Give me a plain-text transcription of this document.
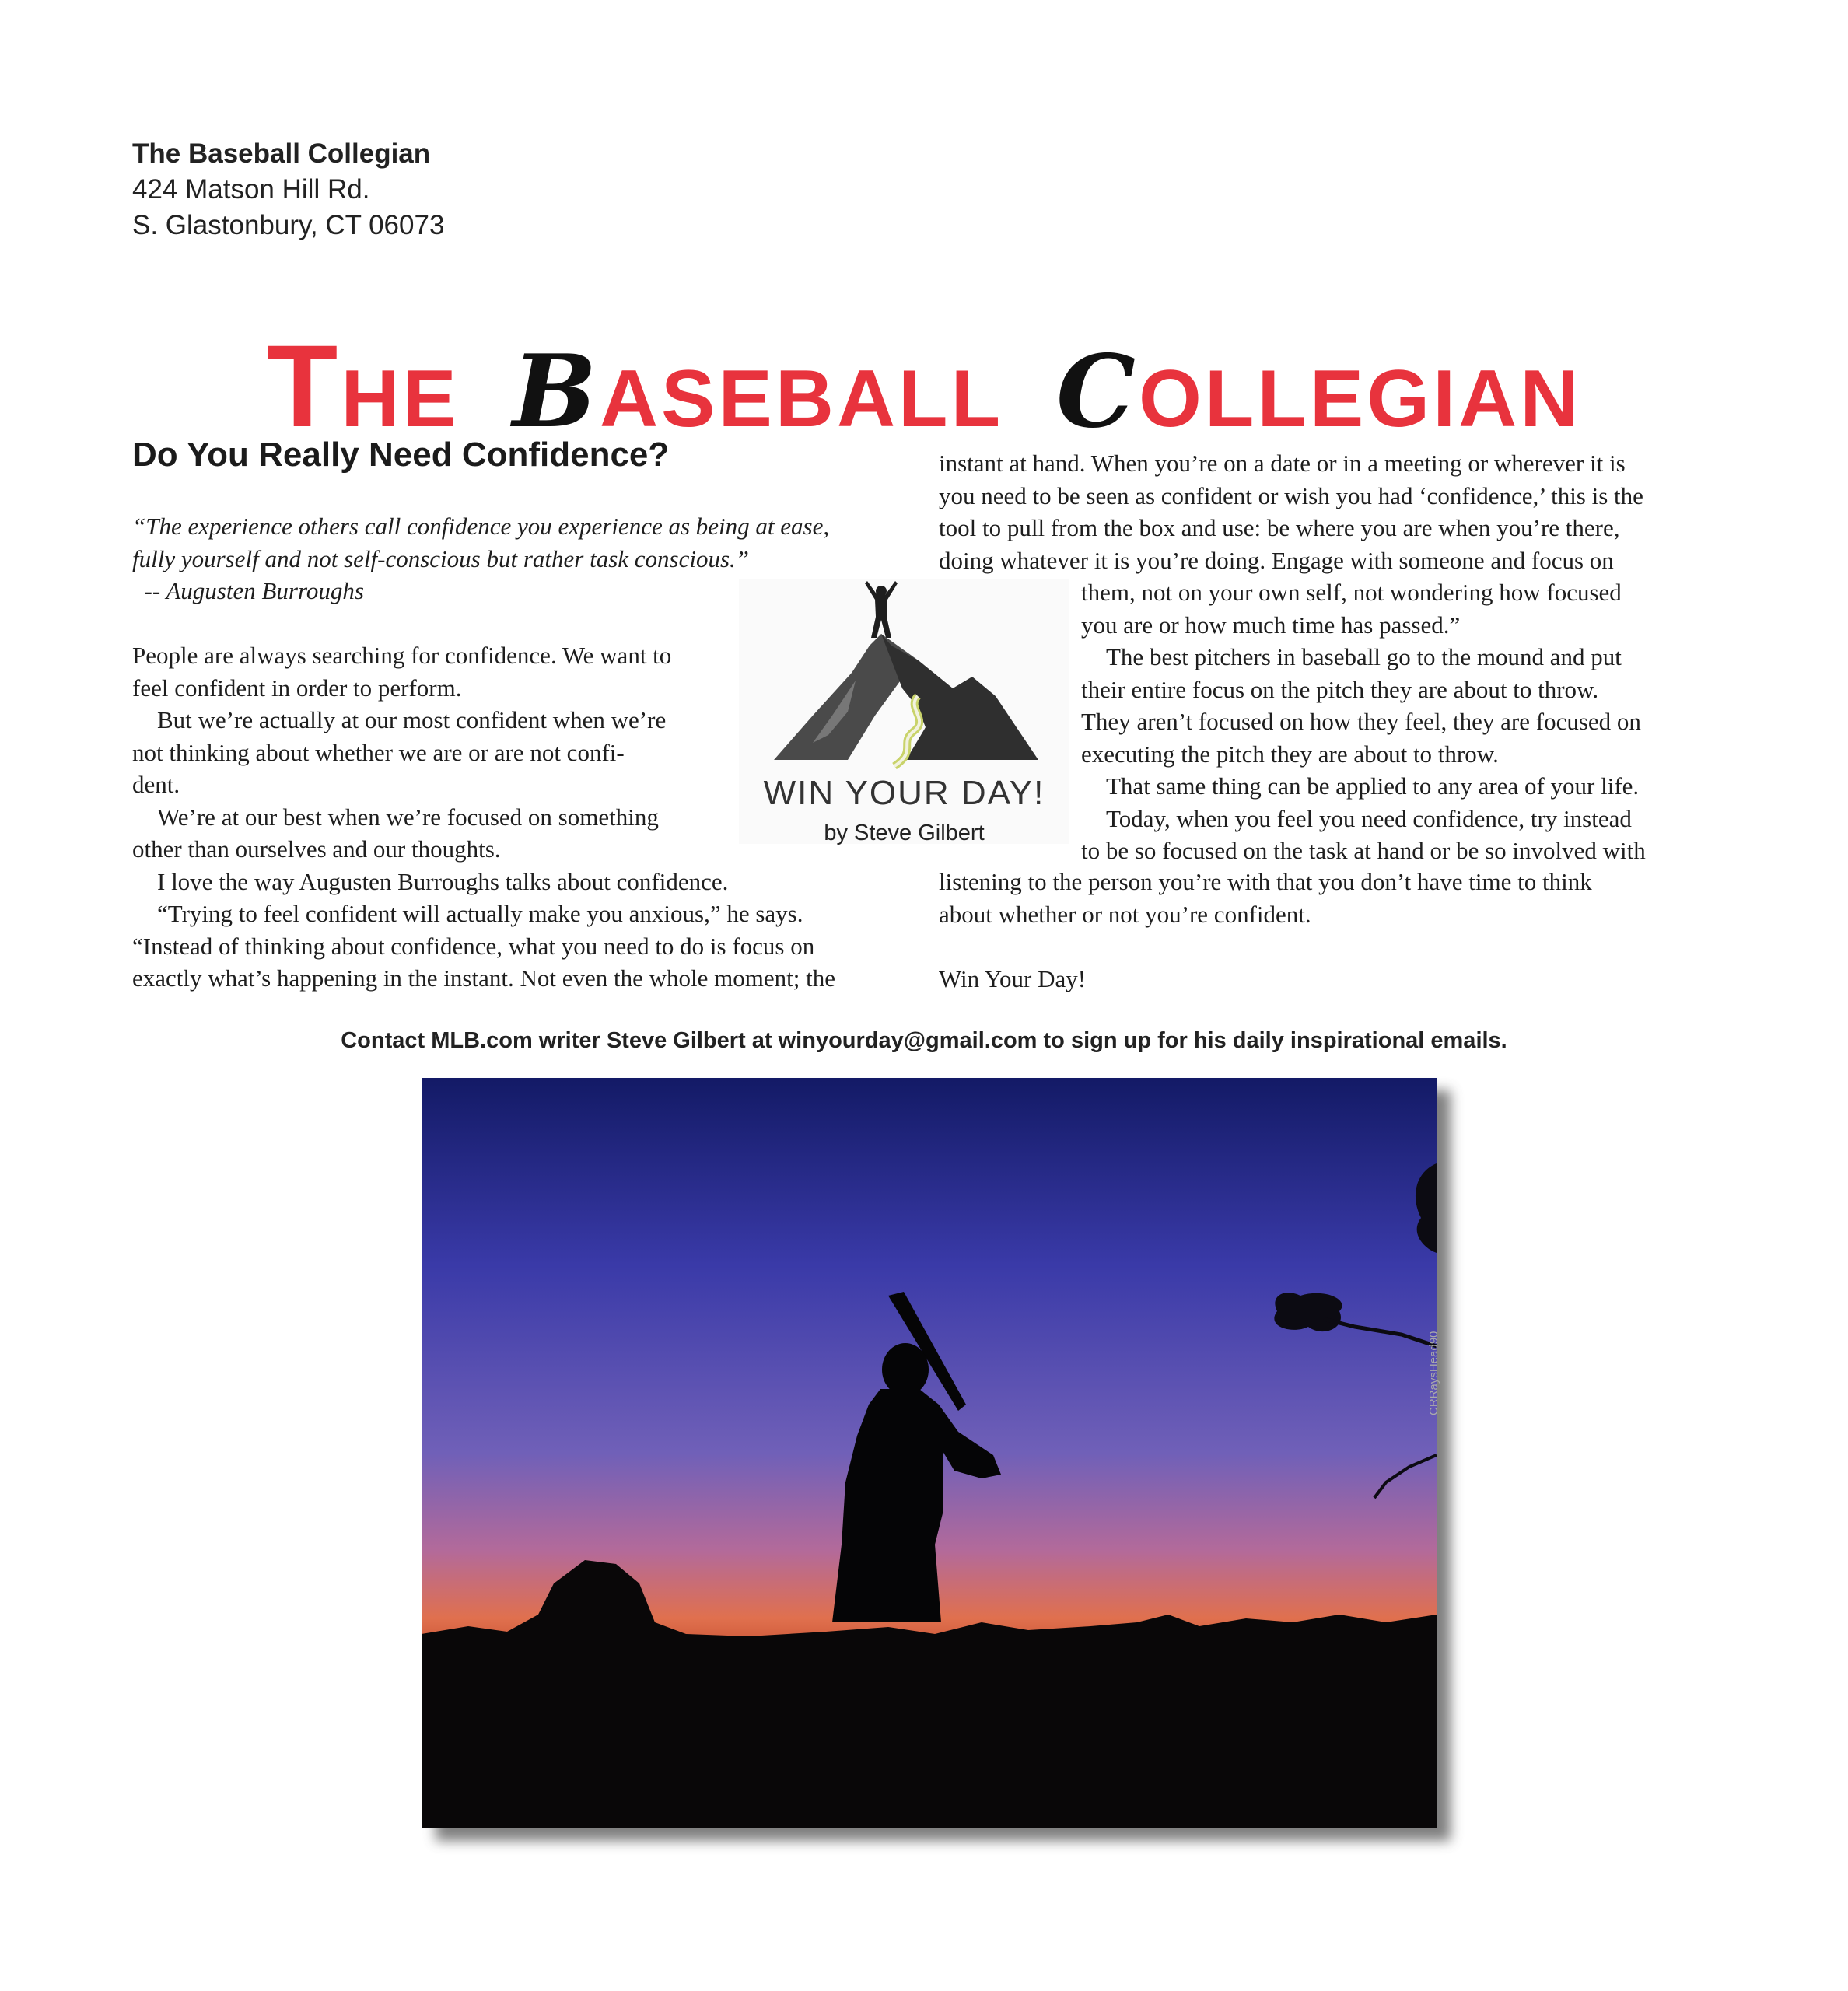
The Baseball Collegian
424 Matson Hill Rd.
S. Glastonbury, CT 06073
THE BASEBALL COLLEGIAN
Do You Really Need Confidence?
“The experience others call confidence you experience as being at ease,
fully yourself and not self-conscious but rather task conscious.”
-- Augusten Burroughs
People are always searching for confidence. We want to
feel confident in order to perform.
But we’re actually at our most confident when we’re
not thinking about whether we are or are not confi-
dent.
We’re at our best when we’re focused on something
other than ourselves and our thoughts.
I love the way Augusten Burroughs talks about confidence.
“Trying to feel confident will actually make you anxious,” he says.
“Instead of thinking about confidence, what you need to do is focus on
exactly what’s happening in the instant. Not even the whole moment; the
instant at hand. When you’re on a date or in a meeting or wherever it is
you need to be seen as confident or wish you had ‘confidence,’ this is the
tool to pull from the box and use: be where you are when you’re there,
doing whatever it is you’re doing. Engage with someone and focus on
them, not on your own self, not wondering how focused
you are or how much time has passed.”
The best pitchers in baseball go to the mound and put
their entire focus on the pitch they are about to throw.
They aren’t focused on how they feel, they are focused on
executing the pitch they are about to throw.
That same thing can be applied to any area of your life.
Today, when you feel you need confidence, try instead
to be so focused on the task at hand or be so involved with
listening to the person you’re with that you don’t have time to think
about whether or not you’re confident.
Win Your Day!
WIN YOUR DAY!
by Steve Gilbert
Contact MLB.com writer Steve Gilbert at winyourday@gmail.com to sign up for his daily inspirational emails.
CRRaysHead90
